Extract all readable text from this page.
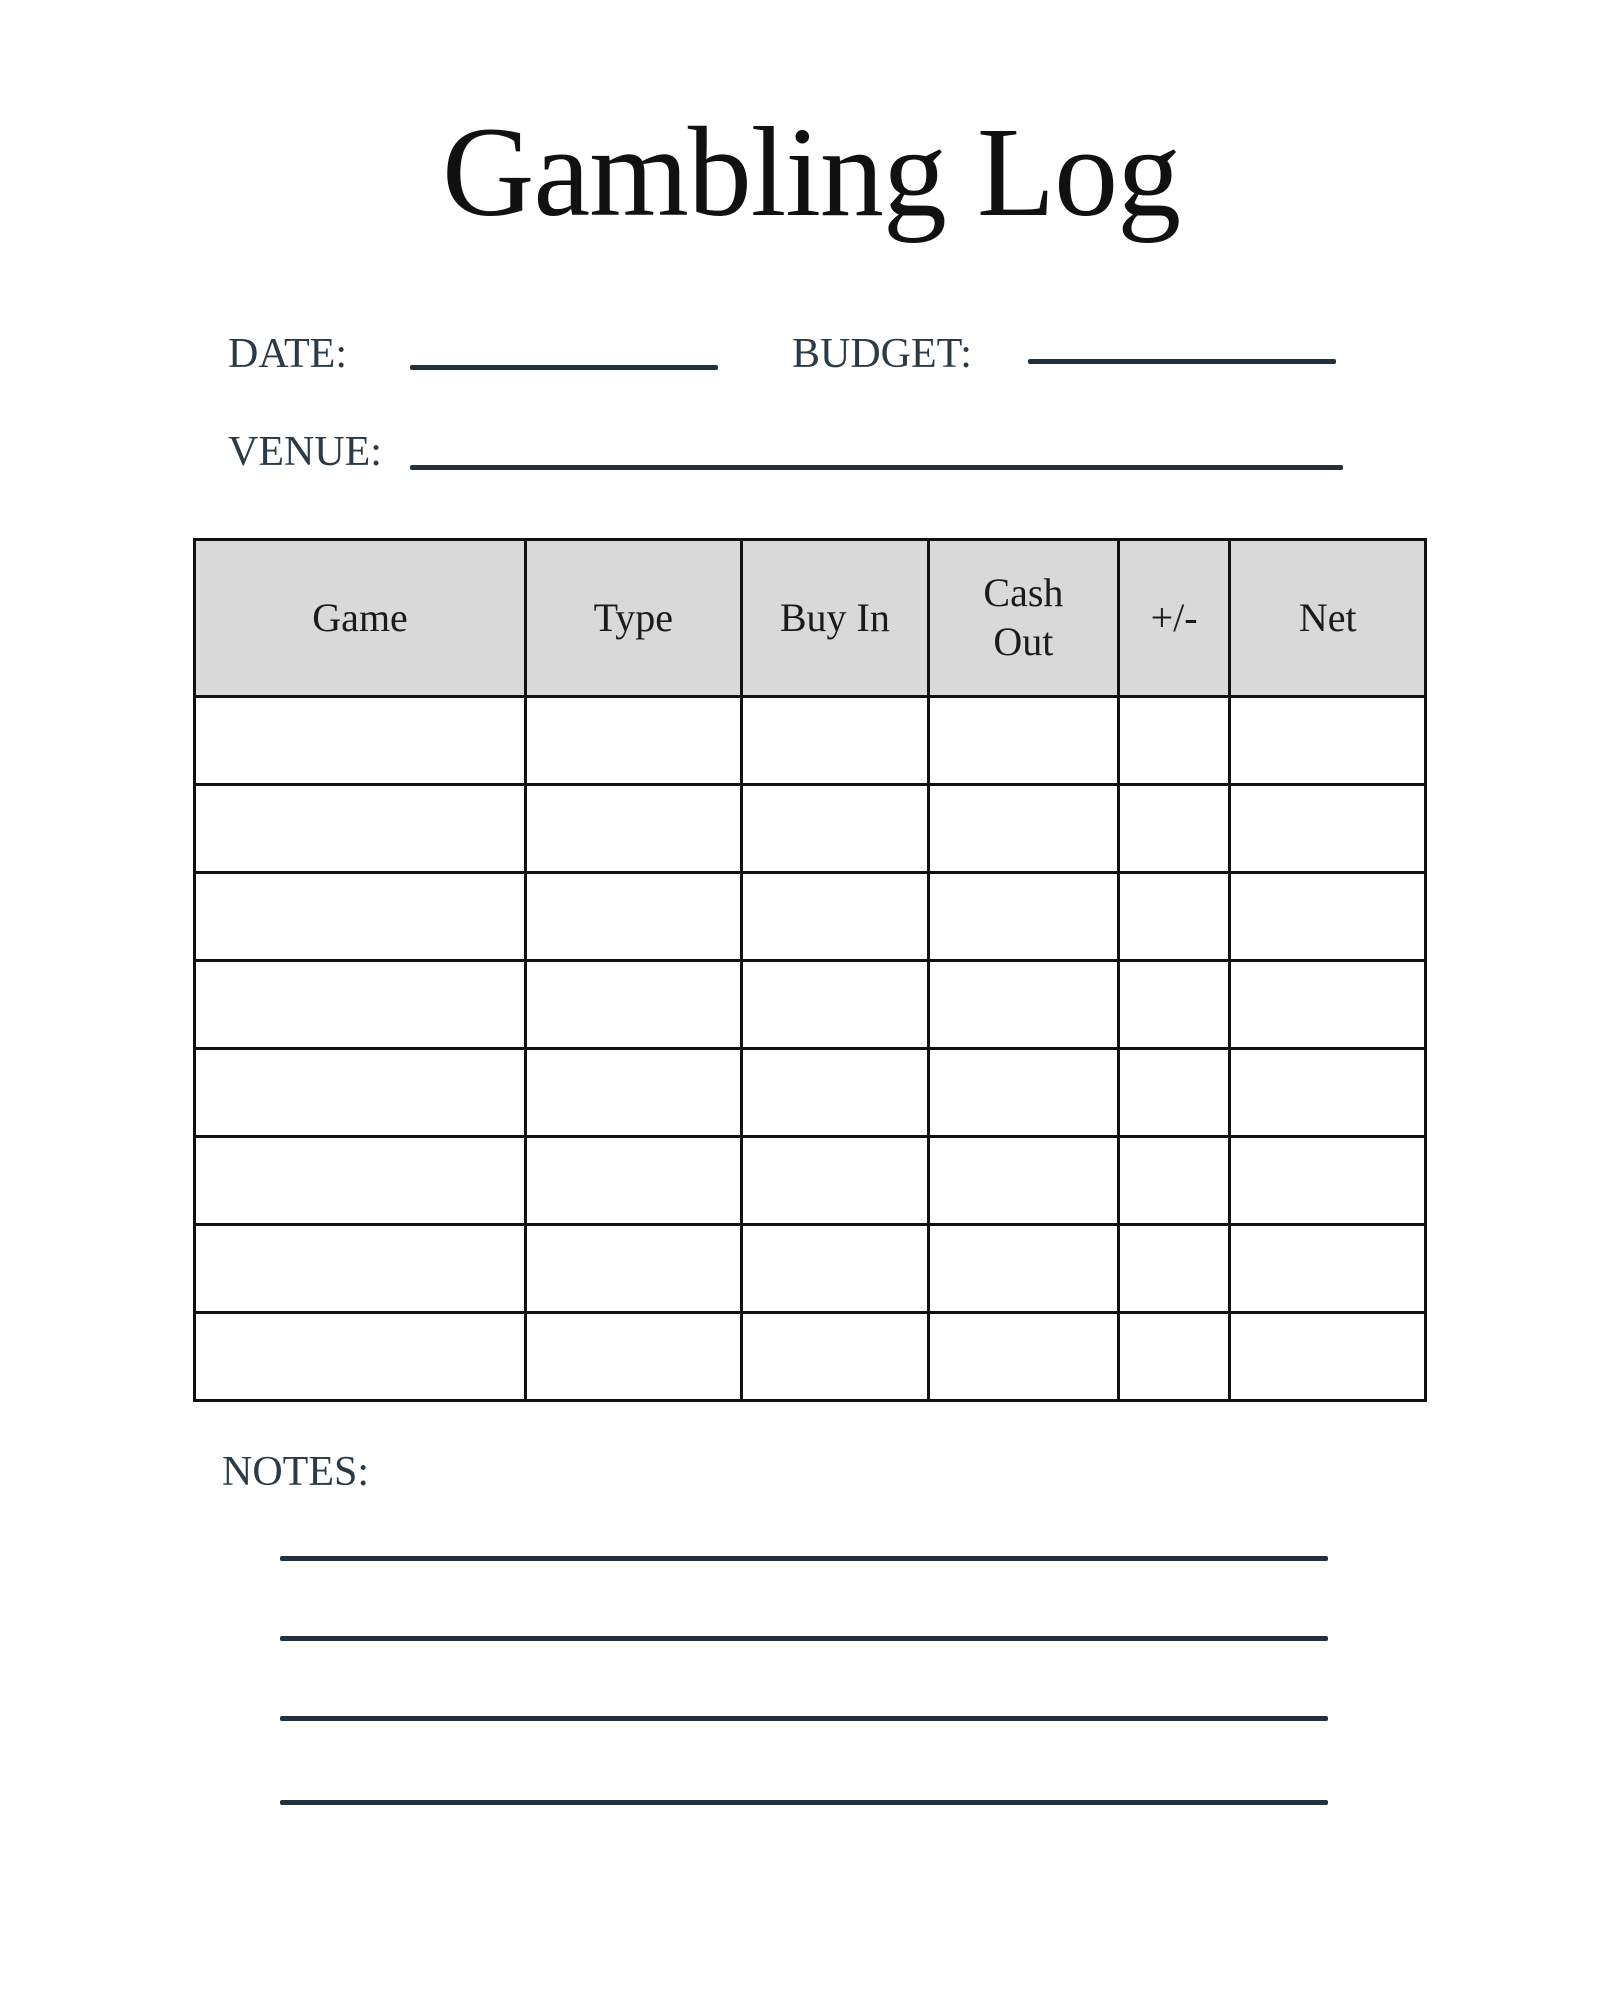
Gambling Log
DATE:	BUDGET:
VENUE:
Game	Type	Buy In	Cash Out	+/-	Net

NOTES:
